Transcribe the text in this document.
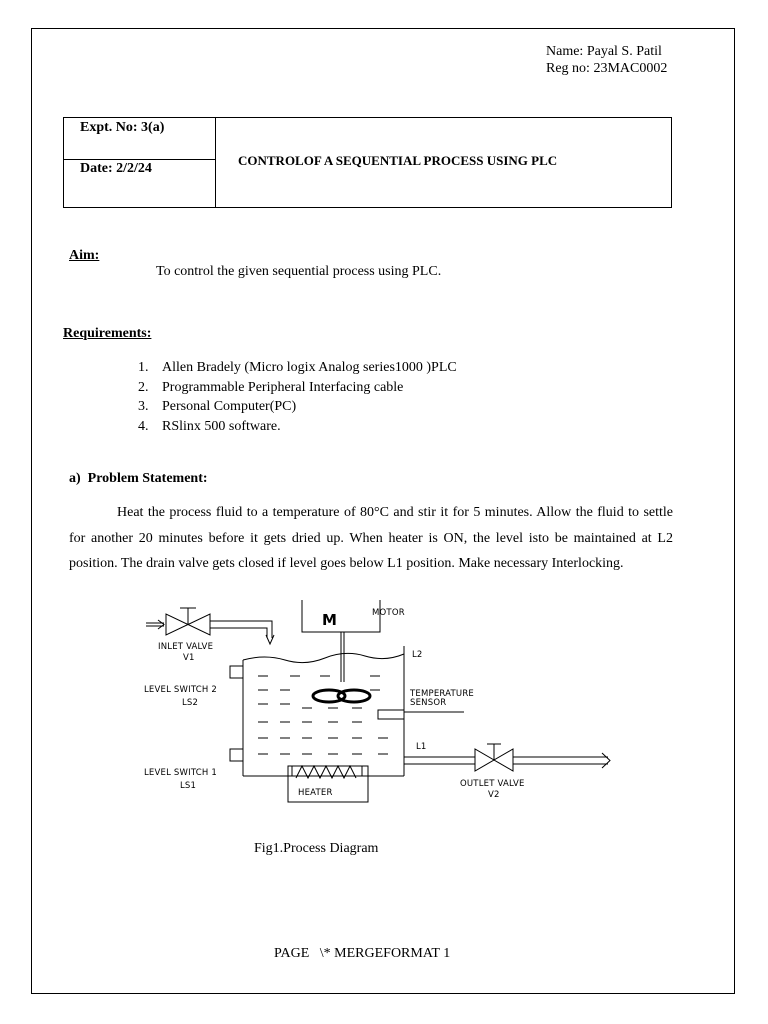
Name: Payal S. Patil
Reg no: 23MAC0002
Expt. No: 3(a)
Date: 2/2/24
CONTROLOF A SEQUENTIAL PROCESS USING PLC
Aim:
To control the given sequential process using PLC.
Requirements:
1. Allen Bradely (Micro logix Analog series1000 )PLC
2. Programmable Peripheral Interfacing cable
3. Personal Computer(PC)
4. RSlinx 500 software.
a)  Problem Statement:
Heat the process fluid to a temperature of 80°C and stir it for 5 minutes. Allow the fluid to settle for another 20 minutes before it gets dried up. When heater is ON, the level isto be maintained at L2 position. The drain valve gets closed if level goes below L1 position. Make necessary Interlocking.
M	MOTOR
INLET VALVE
V1	L2
LEVEL SWITCH 2
LS2
TEMPERATURE
SENSOR
L1
LEVEL SWITCH 1
LS1
HEATER
OUTLET VALVE
V2
Fig1.Process Diagram
PAGE   \* MERGEFORMAT 1
